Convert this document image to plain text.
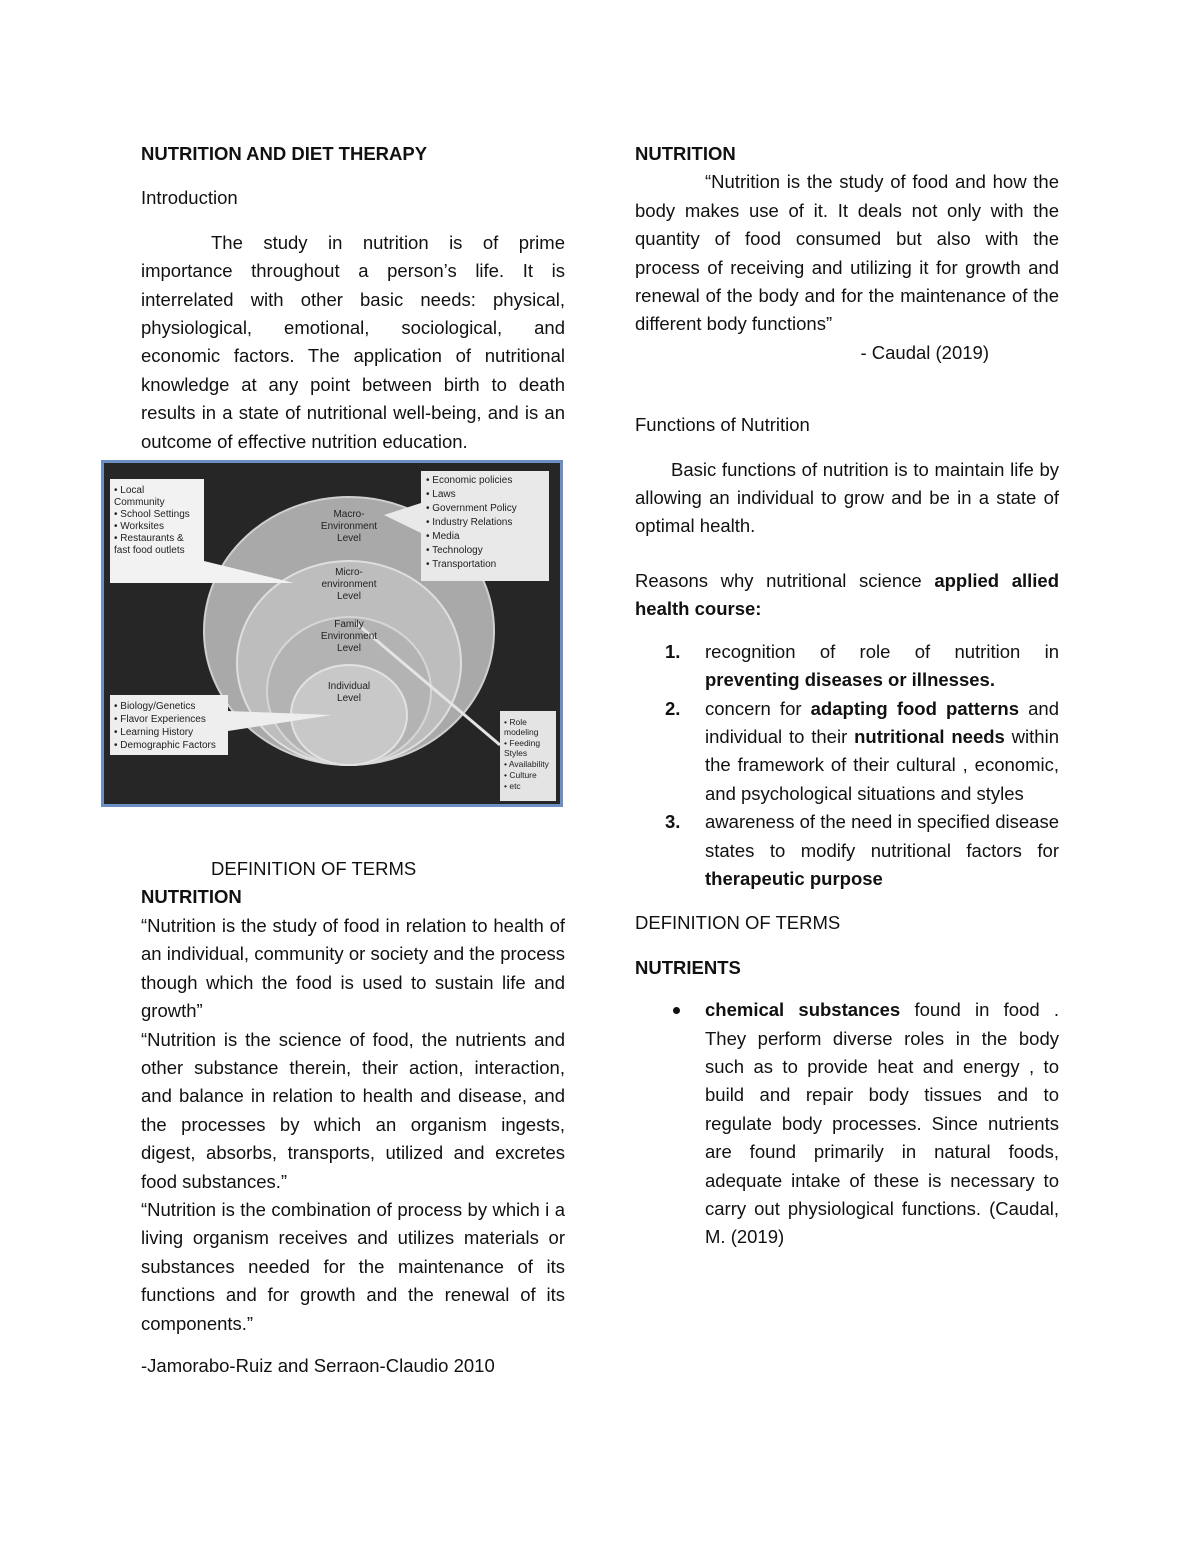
NUTRITION AND DIET THERAPY

Introduction

The study in nutrition is of prime importance throughout a person’s life. It is interrelated with other basic needs: physical, physiological, emotional, sociological, and economic factors. The application of nutritional knowledge at any point between birth to death results in a state of nutritional well-being, and is an outcome of effective nutrition education.

• Local
Community
• School Settings
• Worksites
• Restaurants &
fast food outlets
• Economic policies
• Laws
• Government Policy
• Industry Relations
• Media
• Technology
• Transportation
• Biology/Genetics
• Flavor Experiences
• Learning History
• Demographic Factors
• Role
modeling
• Feeding
Styles
• Availability
• Culture
• etc
Macro-
Environment
Level
Micro-
environment
Level
Family
Environment
Level
Individual
Level

DEFINITION OF TERMS

NUTRITION

“Nutrition is the study of food in relation to health of an individual, community or society and the process though which the food is used to sustain life and growth”

“Nutrition is the science of food, the nutrients and other substance therein, their action, interaction, and balance in relation to health and disease, and the processes by which an organism ingests, digest, absorbs, transports, utilized and excretes food substances.”

“Nutrition is the combination of process by which i a living organism receives and utilizes materials or substances needed for the maintenance of its functions and for growth and the renewal of its components.”

-Jamorabo-Ruiz and Serraon-Claudio 2010

NUTRITION

“Nutrition is the study of food and how the body makes use of it. It deals not only with the quantity of food consumed but also with the process of receiving and utilizing it for growth and renewal of the body and for the maintenance of the different body functions”

- Caudal (2019)

Functions of Nutrition

Basic functions of nutrition is to maintain life by allowing an individual to grow and be in a state of optimal health.

Reasons why nutritional science applied allied health course:

1. recognition of role of nutrition in preventing diseases or illnesses.
2. concern for adapting food patterns and individual to their nutritional needs within the framework of their cultural , economic, and psychological situations and styles
3. awareness of the need in specified disease states to modify nutritional factors for therapeutic purpose

DEFINITION OF TERMS

NUTRIENTS

chemical substances found in food . They perform diverse roles in the body such as to provide heat and energy , to build and repair body tissues and to regulate body processes. Since nutrients are found primarily in natural foods, adequate intake of these is necessary to carry out physiological functions. (Caudal, M. (2019)
